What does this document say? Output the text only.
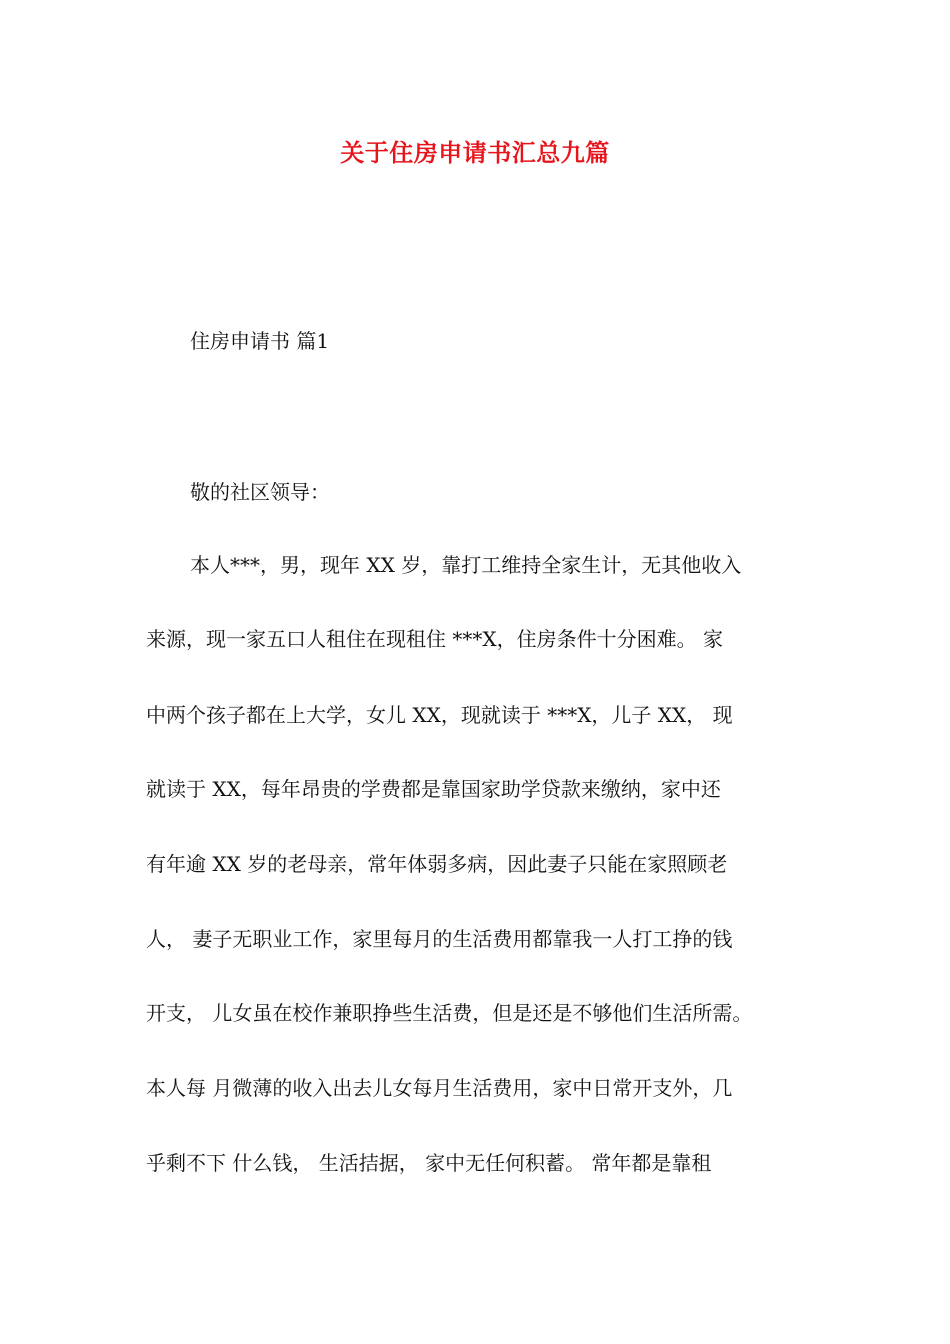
关于住房申请书汇总九篇
住房申请书 篇1
敬的社区领导：
本人***，男，现年 XX 岁，靠打工维持全家生计，无其他收入
来源，现一家五口人租住在现租住 ***X，住房条件十分困难。 家
中两个孩子都在上大学，女儿 XX，现就读于 ***X，儿子 XX， 现
就读于 XX，每年昂贵的学费都是靠国家助学贷款来缴纳，家中还
有年逾 XX 岁的老母亲，常年体弱多病，因此妻子只能在家照顾老
人， 妻子无职业工作，家里每月的生活费用都靠我一人打工挣的钱
开支， 儿女虽在校作兼职挣些生活费，但是还是不够他们生活所需。
本人每 月微薄的收入出去儿女每月生活费用，家中日常开支外，几
乎剩不下 什么钱， 生活拮据， 家中无任何积蓄。 常年都是靠租
